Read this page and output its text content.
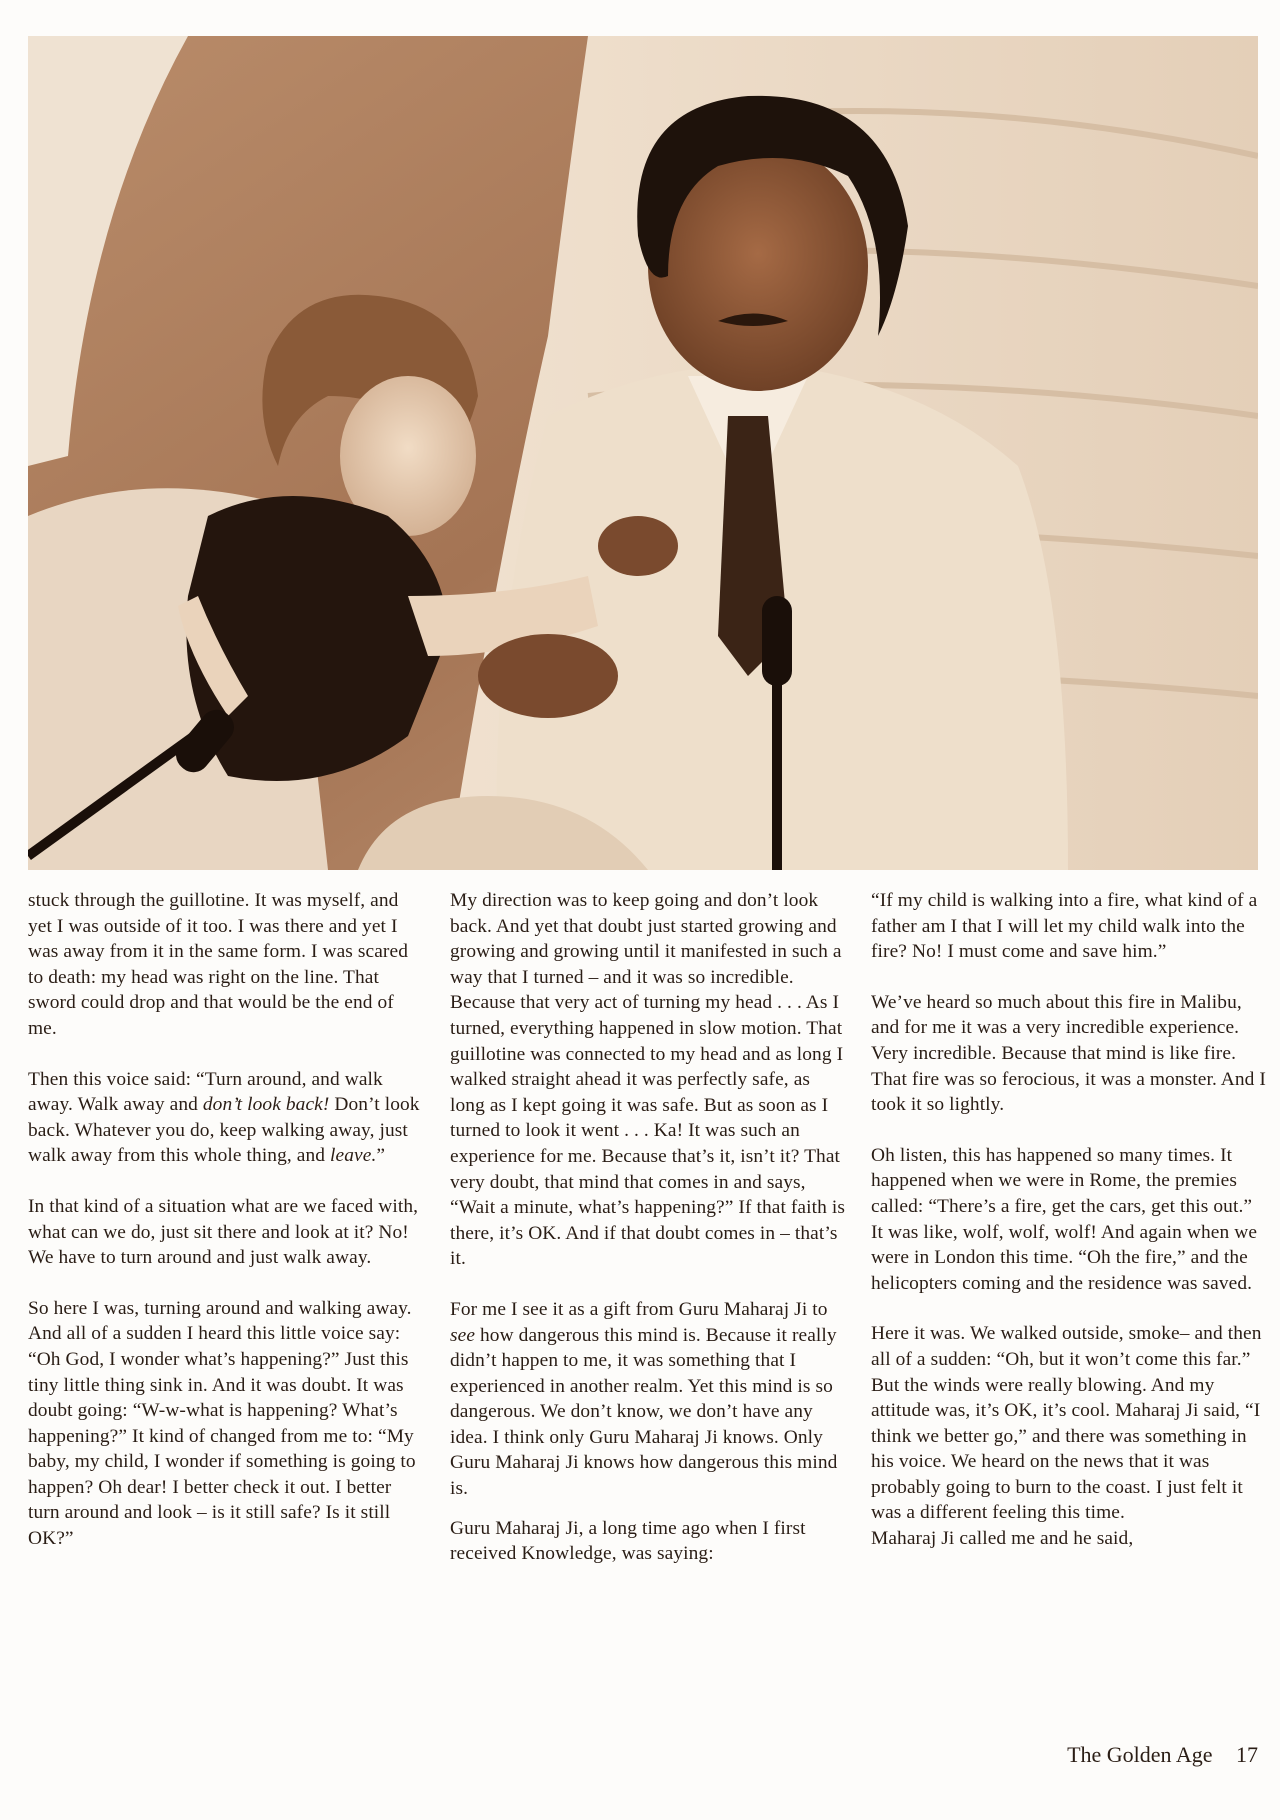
stuck through the guillotine. It was myself, and yet I was outside of it too. I was there and yet I was away from it in the same form. I was scared to death: my head was right on the line. That sword could drop and that would be the end of me.

Then this voice said: “Turn around, and walk away. Walk away and don’t look back! Don’t look back. Whatever you do, keep walking away, just walk away from this whole thing, and leave.”

In that kind of a situation what are we faced with, what can we do, just sit there and look at it? No! We have to turn around and just walk away.

So here I was, turning around and walking away. And all of a sudden I heard this little voice say: “Oh God, I wonder what’s happening?” Just this tiny little thing sink in. And it was doubt. It was doubt going: “W-w-what is happening? What’s happening?” It kind of changed from me to: “My baby, my child, I wonder if something is going to happen? Oh dear! I better check it out. I better turn around and look – is it still safe? Is it still OK?”

My direction was to keep going and don’t look back. And yet that doubt just started growing and growing and growing until it manifested in such a way that I turned – and it was so incredible. Because that very act of turning my head . . . As I turned, everything happened in slow motion. That guillotine was connected to my head and as long I walked straight ahead it was perfectly safe, as long as I kept going it was safe. But as soon as I turned to look it went . . . Ka! It was such an experience for me. Because that’s it, isn’t it? That very doubt, that mind that comes in and says, “Wait a minute, what’s happening?” If that faith is there, it’s OK. And if that doubt comes in – that’s it.

For me I see it as a gift from Guru Maharaj Ji to see how dangerous this mind is. Because it really didn’t happen to me, it was something that I experienced in another realm. Yet this mind is so dangerous. We don’t know, we don’t have any idea. I think only Guru Maharaj Ji knows. Only Guru Maharaj Ji knows how dangerous this mind is.

Guru Maharaj Ji, a long time ago when I first received Knowledge, was saying:

“If my child is walking into a fire, what kind of a father am I that I will let my child walk into the fire? No! I must come and save him.”

We’ve heard so much about this fire in Malibu, and for me it was a very incredible experience. Very incredible. Because that mind is like fire. That fire was so ferocious, it was a monster. And I took it so lightly.

Oh listen, this has happened so many times. It happened when we were in Rome, the premies called: “There’s a fire, get the cars, get this out.” It was like, wolf, wolf, wolf! And again when we were in London this time. “Oh the fire,” and the helicopters coming and the residence was saved.

Here it was. We walked outside, smoke– and then all of a sudden: “Oh, but it won’t come this far.” But the winds were really blowing. And my attitude was, it’s OK, it’s cool. Maharaj Ji said, “I think we better go,” and there was something in his voice. We heard on the news that it was probably going to burn to the coast. I just felt it was a different feeling this time.

Maharaj Ji called me and he said,

The Golden Age 17
